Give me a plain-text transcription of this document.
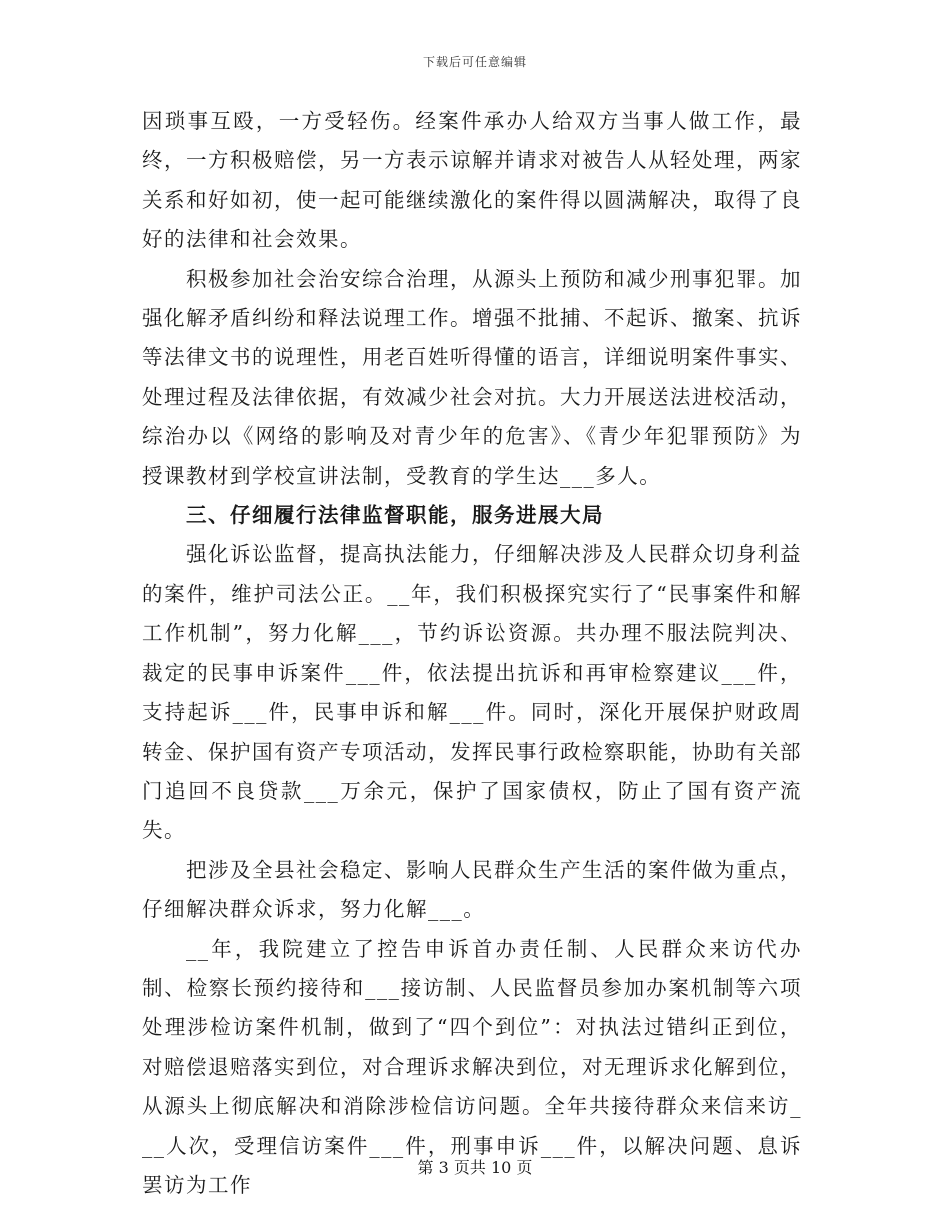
下载后可任意编辑

因琐事互殴，一方受轻伤。经案件承办人给双方当事人做工作，最终，一方积极赔偿，另一方表示谅解并请求对被告人从轻处理，两家关系和好如初，使一起可能继续激化的案件得以圆满解决，取得了良好的法律和社会效果。

积极参加社会治安综合治理，从源头上预防和减少刑事犯罪。加强化解矛盾纠纷和释法说理工作。增强不批捕、不起诉、撤案、抗诉等法律文书的说理性，用老百姓听得懂的语言，详细说明案件事实、处理过程及法律依据，有效减少社会对抗。大力开展送法进校活动，综治办以《网络的影响及对青少年的危害》、《青少年犯罪预防》为授课教材到学校宣讲法制，受教育的学生达___多人。

三、仔细履行法律监督职能，服务进展大局

强化诉讼监督，提高执法能力，仔细解决涉及人民群众切身利益的案件，维护司法公正。__年，我们积极探究实行了“民事案件和解工作机制”，努力化解___，节约诉讼资源。共办理不服法院判决、裁定的民事申诉案件___件，依法提出抗诉和再审检察建议___件，支持起诉___件，民事申诉和解___件。同时，深化开展保护财政周转金、保护国有资产专项活动，发挥民事行政检察职能，协助有关部门追回不良贷款___万余元，保护了国家债权，防止了国有资产流失。

把涉及全县社会稳定、影响人民群众生产生活的案件做为重点，仔细解决群众诉求，努力化解___。

__年，我院建立了控告申诉首办责任制、人民群众来访代办制、检察长预约接待和___接访制、人民监督员参加办案机制等六项处理涉检访案件机制，做到了“四个到位”：对执法过错纠正到位，对赔偿退赔落实到位，对合理诉求解决到位，对无理诉求化解到位，从源头上彻底解决和消除涉检信访问题。全年共接待群众来信来访___人次，受理信访案件___件，刑事申诉___件，以解决问题、息诉罢访为工作

第 3 页共 10 页
